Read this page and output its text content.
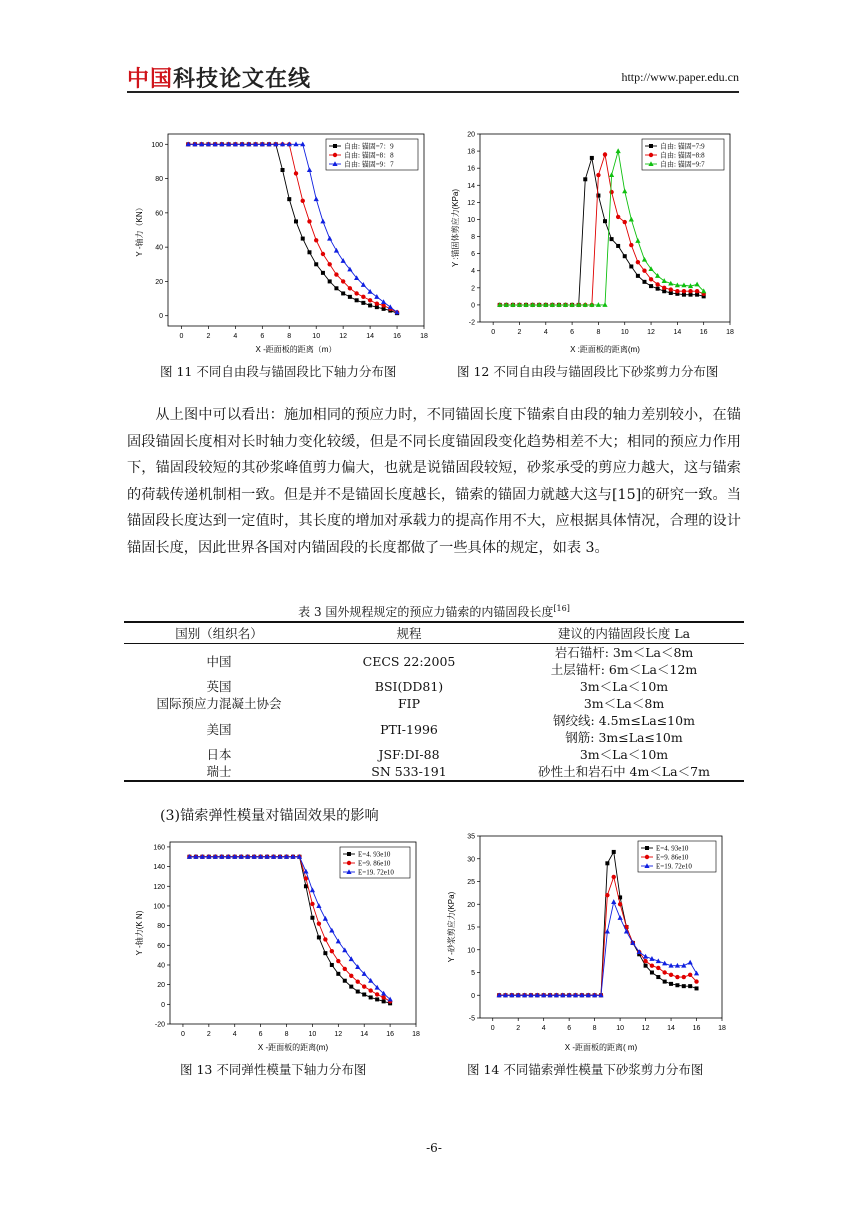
中国科技论文在线	http://www.paper.edu.cn
0	2	4	6	8	10	12	14	16	18
0
20
40
60
80
100
X -距面板的距离（m）
Y -轴力（KN）
自由: 锚固=7：9
自由: 锚固=8：8
自由: 锚固=9：7
图 11 不同自由段与锚固段比下轴力分布图
0	2	4	6	8	10	12	14	16	18
-2
0
2
4
6
8
10
12
14
16
18
20
X :距面板的距离(m)
Y :锚固体剪应力(KPa)
自由: 锚固=7:9
自由: 锚固=8:8
自由: 锚固=9:7
图 12 不同自由段与锚固段比下砂浆剪力分布图

从上图中可以看出：施加相同的预应力时，不同锚固长度下锚索自由段的轴力差别较小，在锚固段锚固长度相对长时轴力变化较缓，但是不同长度锚固段变化趋势相差不大；相同的预应力作用下，锚固段较短的其砂浆峰值剪力偏大，也就是说锚固段较短，砂浆承受的剪应力越大，这与锚索的荷载传递机制相一致。但是并不是锚固长度越长，锚索的锚固力就越大这与[15]的研究一致。当锚固段长度达到一定值时，其长度的增加对承载力的提高作用不大，应根据具体情况，合理的设计锚固长度，因此世界各国对内锚固段的长度都做了一些具体的规定，如表 3。

表 3 国外规程规定的预应力锚索的内锚固段长度[16]
国别（组织名）	规程	建议的内锚固段长度 La
中国	CECS 22:2005	岩石锚杆: 3m＜La＜8m
土层锚杆: 6m＜La＜12m

英国	BSI(DD81)	3m＜La＜10m
国际预应力混凝土协会	FIP	3m＜La＜8m
美国	PTI-1996	钢绞线: 4.5m≤La≤10m
钢筋: 3m≤La≤10m

日本	JSF:DI-88	3m＜La＜10m
瑞士	SN 533-191	砂性土和岩石中 4m＜La＜7m
(3)锚索弹性模量对锚固效果的影响
0	2	4	6	8	10	12	14	16	18
-20
0
20
40
60
80
100
120
140
160
X -距面板的距离(m)
Y -轴力(K N)
E=4. 93e10
E=9. 86e10
E=19. 72e10
图 13 不同弹性模量下轴力分布图
0	2	4	6	8	10	12	14	16	18
-5
0
5
10
15
20
25
30
35
X -距面板的距离( m)
Y -砂浆剪应力(KPa)
E=4. 93e10
E=9. 86e10
E=19. 72e10
图 14 不同锚索弹性模量下砂浆剪力分布图
-6-
